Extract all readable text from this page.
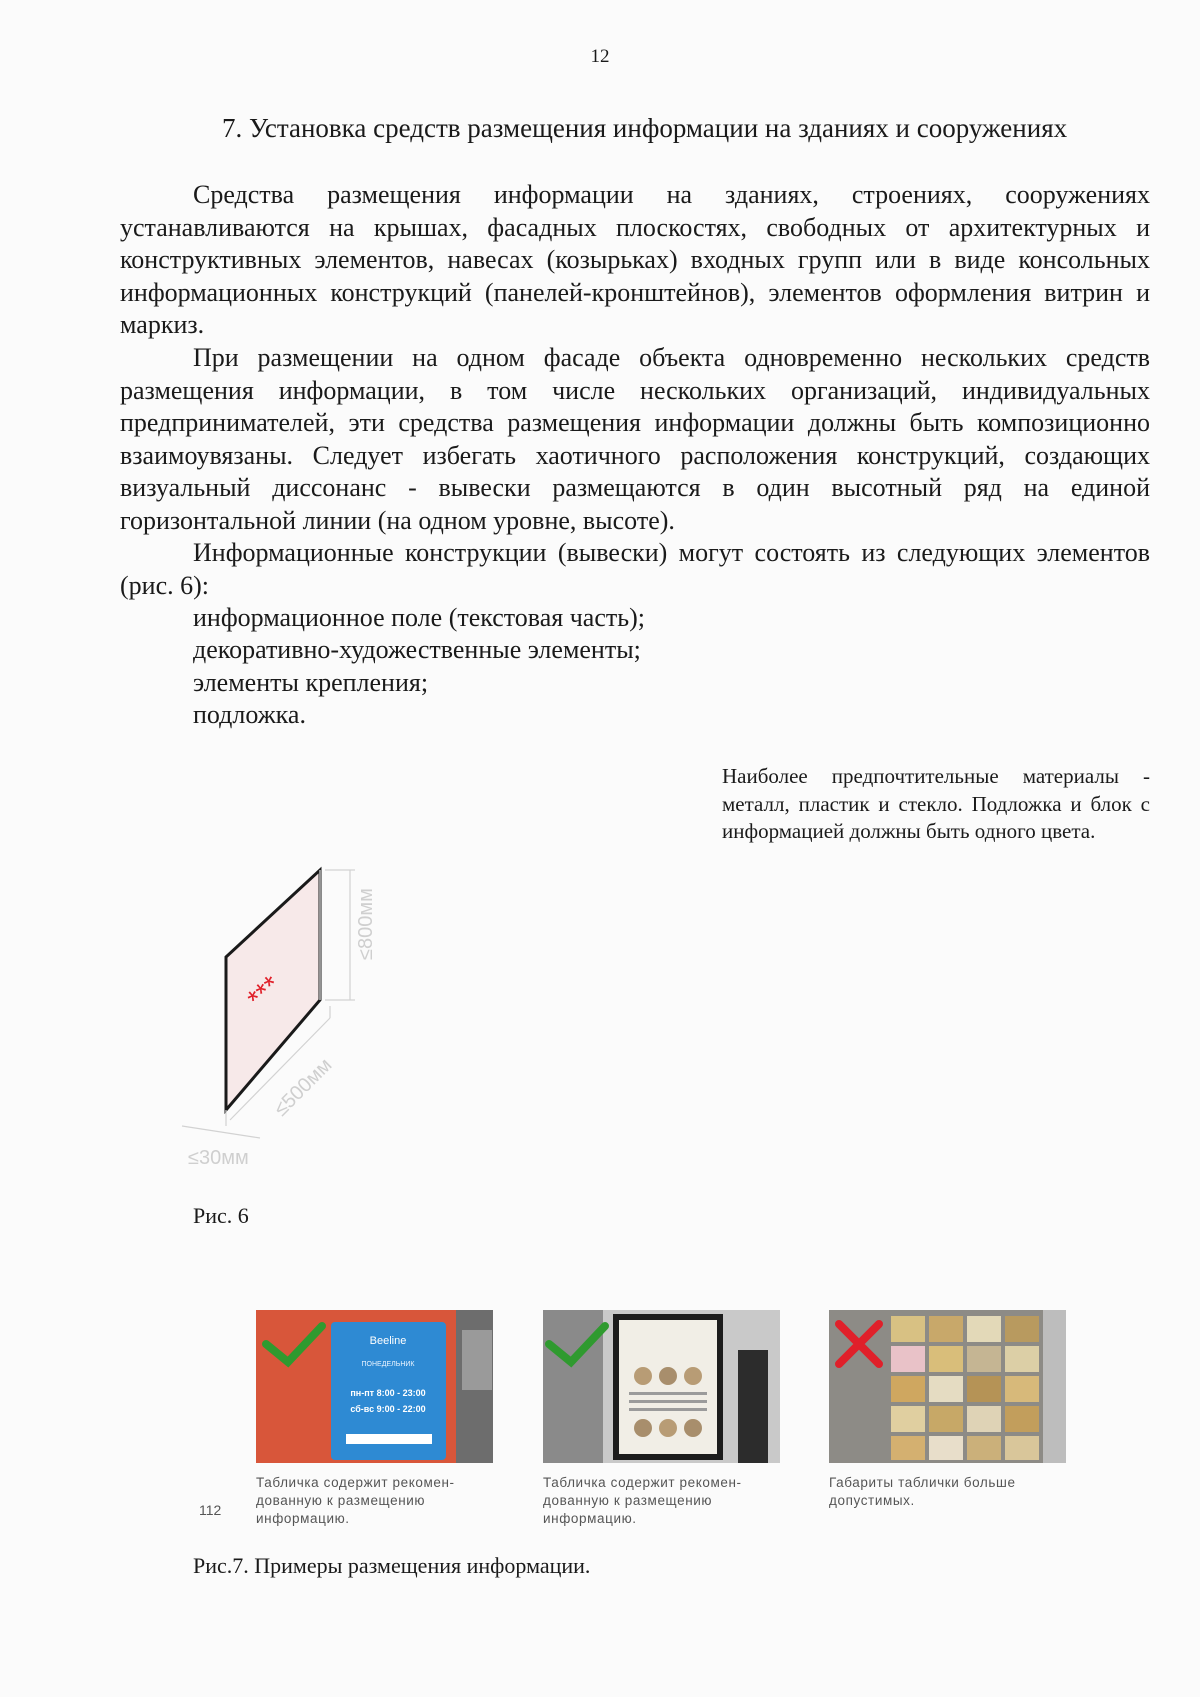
12
7. Установка средств размещения информации на зданиях и сооружениях
Средства размещения информации на зданиях, строениях, сооружениях устанавливаются на крышах, фасадных плоскостях, свободных от архитектурных и конструктивных элементов, навесах (козырьках) входных групп или в виде консольных информационных конструкций (панелей-кронштейнов), элементов оформления витрин и маркиз.
При размещении на одном фасаде объекта одновременно нескольких средств размещения информации, в том числе нескольких организаций, индивидуальных предпринимателей, эти средства размещения информации должны быть композиционно взаимоувязаны. Следует избегать хаотичного расположения конструкций, создающих визуальный диссонанс - вывески размещаются в один высотный ряд на единой горизонтальной линии (на одном уровне, высоте).
Информационные конструкции (вывески) могут состоять из следующих элементов (рис. 6):
информационное поле (текстовая часть);
декоративно-художественные элементы;
элементы крепления;
подложка.
Наиболее предпочтительные материалы - металл, пластик и стекло. Подложка и блок с информацией должны быть одного цвета.
≤800мм
≤500мм
≤30мм
***
Рис. 6
Beeline
ПОНЕДЕЛЬНИК
пн-пт 8:00 - 23:00
сб-вс 9:00 - 22:00
Табличка содержит рекомен-дованную к размещению информацию.
Табличка содержит рекомен-дованную к размещению информацию.
Габариты таблички больше допустимых.
112
Рис.7. Примеры размещения информации.
